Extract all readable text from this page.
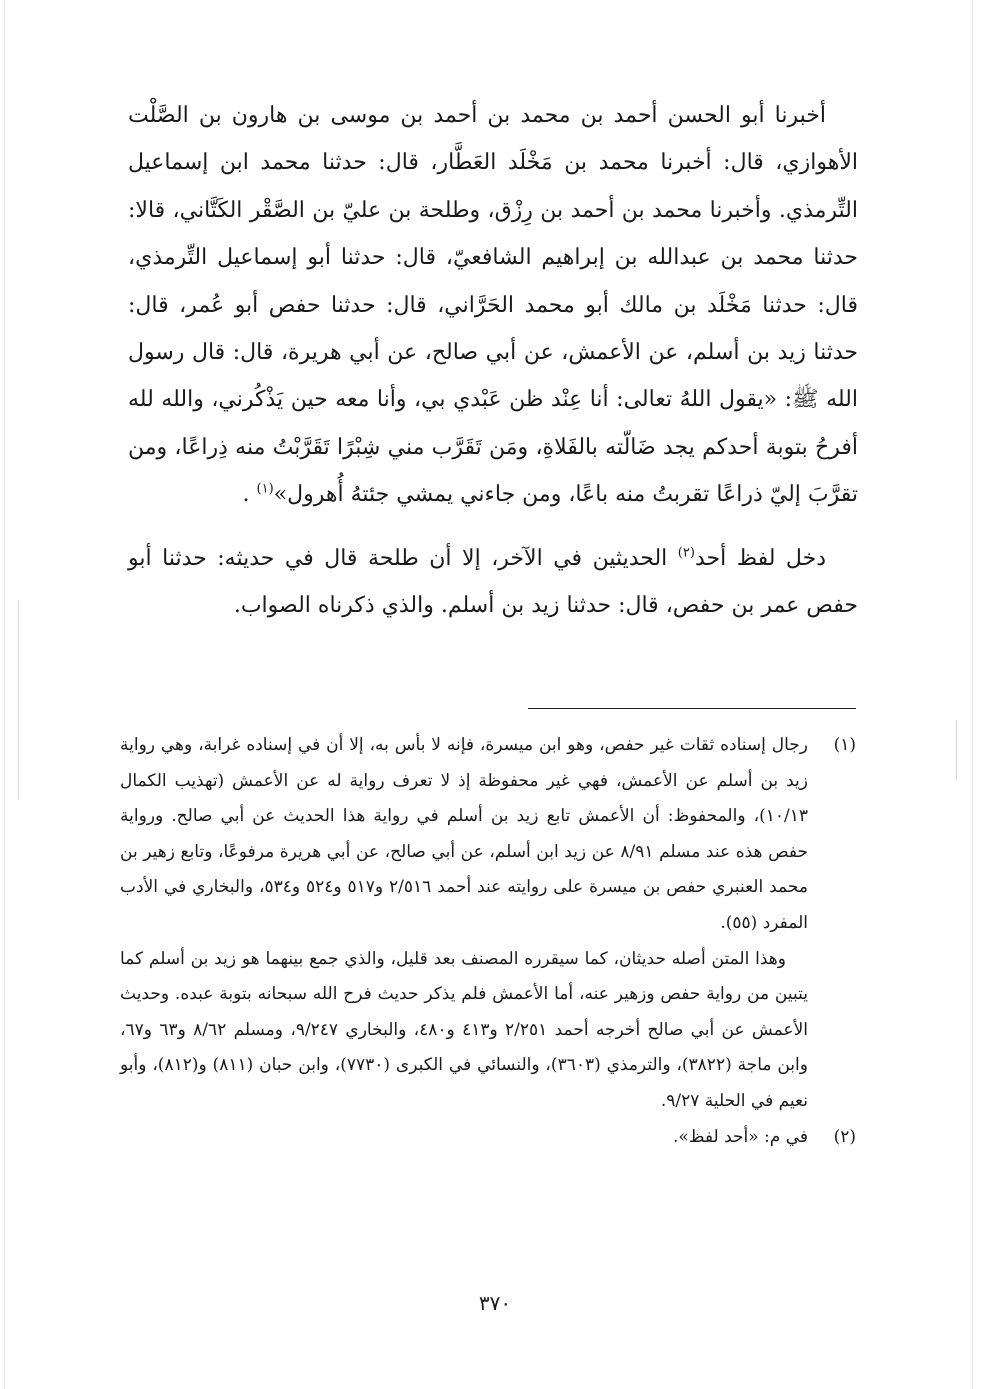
أخبرنا أبو الحسن أحمد بن محمد بن أحمد بن موسى بن هارون بن الصَّلْت الأهوازي، قال: أخبرنا محمد بن مَخْلَد العَطَّار، قال: حدثنا محمد ابن إسماعيل التِّرمذي. وأخبرنا محمد بن أحمد بن رِزْق، وطلحة بن عليّ بن الصَّقْر الكَتَّاني، قالا: حدثنا محمد بن عبدالله بن إبراهيم الشافعيّ، قال: حدثنا أبو إسماعيل التِّرمذي، قال: حدثنا مَخْلَد بن مالك أبو محمد الحَرَّاني، قال: حدثنا حفص أبو عُمر، قال: حدثنا زيد بن أسلم، عن الأعمش، عن أبي صالح، عن أبي هريرة، قال: قال رسول الله ﷺ: «يقول اللهُ تعالى: أنا عِنْد ظن عَبْدي بي، وأنا معه حين يَذْكُرني، والله لله أفرحُ بتوبة أحدكم يجد ضَالّته بالفَلاةِ، ومَن تَقَرَّب مني شِبْرًا تَقَرَّبْتُ منه ذِراعًا، ومن تقرَّبَ إليّ ذراعًا تقربتُ منه باعًا، ومن جاءني يمشي جئتهُ أُهرول»$^{(١)}$ .

دخل لفظ أحد$^{(٢)}$ الحديثين في الآخر، إلا أن طلحة قال في حديثه: حدثنا أبو حفص عمر بن حفص، قال: حدثنا زيد بن أسلم. والذي ذكرناه الصواب.

(١)

رجال إسناده ثقات غير حفص، وهو ابن ميسرة، فإنه لا بأس به، إلا أن في إسناده غرابة، وهي رواية زيد بن أسلم عن الأعمش، فهي غير محفوظة إذ لا تعرف رواية له عن الأعمش (تهذيب الكمال ١٠/١٣)، والمحفوظ: أن الأعمش تابع زيد بن أسلم في رواية هذا الحديث عن أبي صالح. ورواية حفص هذه عند مسلم ٨/٩١ عن زيد ابن أسلم، عن أبي صالح، عن أبي هريرة مرفوعًا، وتابع زهير بن محمد العنبري حفص بن ميسرة على روايته عند أحمد ٢/٥١٦ و٥١٧ و٥٢٤ و٥٣٤، والبخاري في الأدب المفرد (٥٥).

وهذا المتن أصله حديثان، كما سيقرره المصنف بعد قليل، والذي جمع بينهما هو زيد بن أسلم كما يتبين من رواية حفص وزهير عنه، أما الأعمش فلم يذكر حديث فرح الله سبحانه بتوبة عبده. وحديث الأعمش عن أبي صالح أخرجه أحمد ٢/٢٥١ و٤١٣ و٤٨٠، والبخاري ٩/٢٤٧، ومسلم ٨/٦٢ و٦٣ و٦٧، وابن ماجة (٣٨٢٢)، والترمذي (٣٦٠٣)، والنسائي في الكبرى (٧٧٣٠)، وابن حبان (٨١١) و(٨١٢)، وأبو نعيم في الحلية ٩/٢٧.

(٢)

في م: «أحد لفظ».

٣٧٠
